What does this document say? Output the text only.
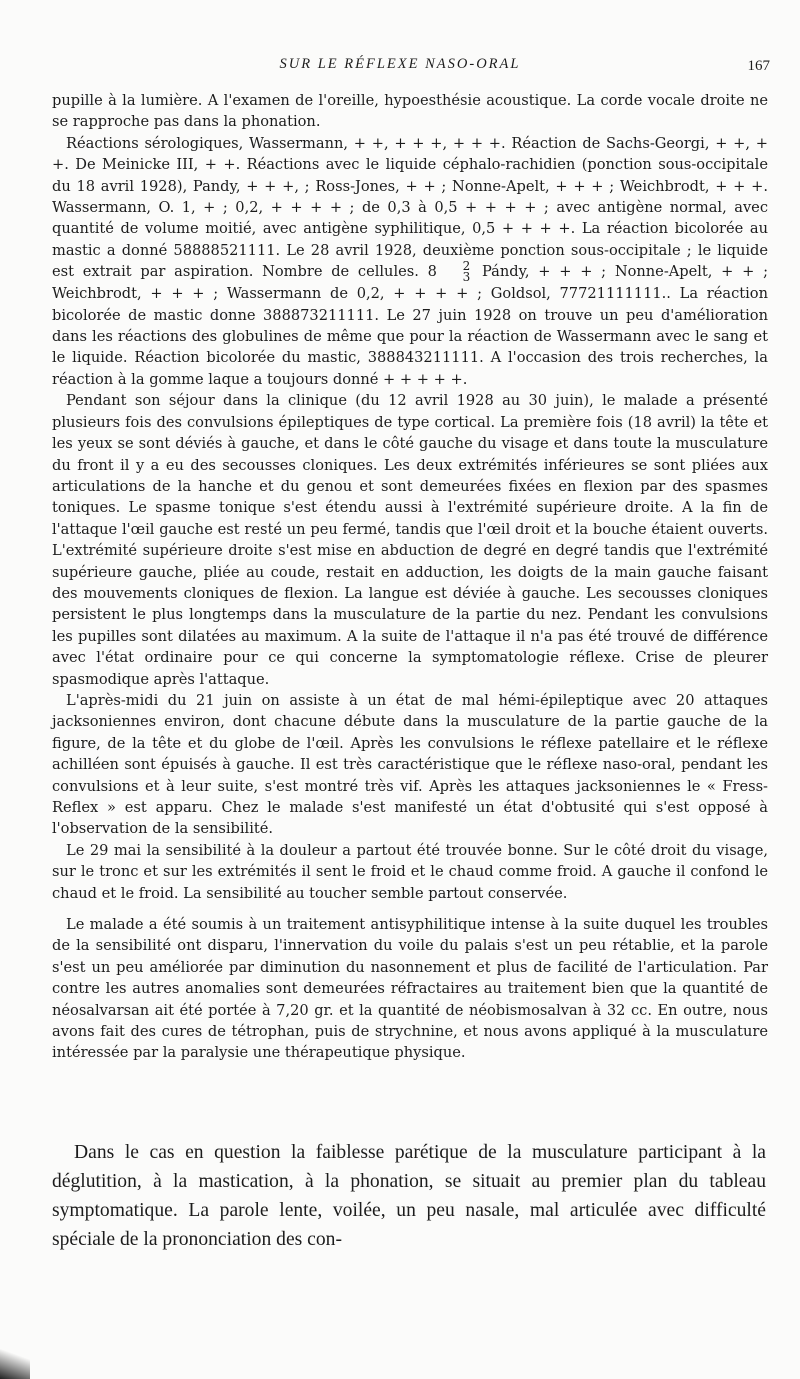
SUR LE RÉFLEXE NASO-ORAL	167

pupille à la lumière. A l'examen de l'oreille, hypoesthésie acoustique. La corde vocale droite ne se rapproche pas dans la phonation.

Réactions sérologiques, Wassermann, + +, + + +, + + +. Réaction de Sachs-Georgi, + +, + +. De Meinicke III, + +. Réactions avec le liquide céphalo-rachidien (ponction sous-occipitale du 18 avril 1928), Pandy, + + +, ; Ross-Jones, + + ; Nonne-Apelt, + + + ; Weichbrodt, + + +. Wassermann, O. 1, + ; 0,2, + + + + ; de 0,3 à 0,5 + + + + ; avec antigène normal, avec quantité de volume moitié, avec antigène syphilitique, 0,5 + + + +. La réaction bicolorée au mastic a donné 58888521111. Le 28 avril 1928, deuxième ponction sous-occipitale ; le liquide est extrait par aspiration. Nombre de cellules. 8	2
3 Pándy, + + + ; Nonne-Apelt, + + ; Weichbrodt, + + + ; Wassermann de 0,2, + + + + ; Goldsol, 77721111111.. La réaction bicolorée de mastic donne 388873211111. Le 27 juin 1928 on trouve un peu d'amélioration dans les réactions des globulines de même que pour la réaction de Wassermann avec le sang et le liquide. Réaction bicolorée du mastic, 388843211111. A l'occasion des trois recherches, la réaction à la gomme laque a toujours donné + + + + +.

Pendant son séjour dans la clinique (du 12 avril 1928 au 30 juin), le malade a présenté plusieurs fois des convulsions épileptiques de type cortical. La première fois (18 avril) la tête et les yeux se sont déviés à gauche, et dans le côté gauche du visage et dans toute la musculature du front il y a eu des secousses cloniques. Les deux extrémités inférieures se sont pliées aux articulations de la hanche et du genou et sont demeurées fixées en flexion par des spasmes toniques. Le spasme tonique s'est étendu aussi à l'extrémité supérieure droite. A la fin de l'attaque l'œil gauche est resté un peu fermé, tandis que l'œil droit et la bouche étaient ouverts. L'extrémité supérieure droite s'est mise en abduction de degré en degré tandis que l'extrémité supérieure gauche, pliée au coude, restait en adduction, les doigts de la main gauche faisant des mouvements cloniques de flexion. La langue est déviée à gauche. Les secousses cloniques persistent le plus longtemps dans la musculature de la partie du nez. Pendant les convulsions les pupilles sont dilatées au maximum. A la suite de l'attaque il n'a pas été trouvé de différence avec l'état ordinaire pour ce qui concerne la symptomatologie réflexe. Crise de pleurer spasmodique après l'attaque.

L'après-midi du 21 juin on assiste à un état de mal hémi-épileptique avec 20 attaques jacksoniennes environ, dont chacune débute dans la musculature de la partie gauche de la figure, de la tête et du globe de l'œil. Après les convulsions le réflexe patellaire et le réflexe achilléen sont épuisés à gauche. Il est très caractéristique que le réflexe naso-oral, pendant les convulsions et à leur suite, s'est montré très vif. Après les attaques jacksoniennes le « Fress-Reflex » est apparu. Chez le malade s'est manifesté un état d'obtusité qui s'est opposé à l'observation de la sensibilité.

Le 29 mai la sensibilité à la douleur a partout été trouvée bonne. Sur le côté droit du visage, sur le tronc et sur les extrémités il sent le froid et le chaud comme froid. A gauche il confond le chaud et le froid. La sensibilité au toucher semble partout conservée.

Le malade a été soumis à un traitement antisyphilitique intense à la suite duquel les troubles de la sensibilité ont disparu, l'innervation du voile du palais s'est un peu rétablie, et la parole s'est un peu améliorée par diminution du nasonnement et plus de facilité de l'articulation. Par contre les autres anomalies sont demeurées réfractaires au traitement bien que la quantité de néosalvarsan ait été portée à 7,20 gr. et la quantité de néobismosalvan à 32 cc. En outre, nous avons fait des cures de tétrophan, puis de strychnine, et nous avons appliqué à la musculature intéressée par la paralysie une thérapeutique physique.

Dans le cas en question la faiblesse parétique de la musculature participant à la déglutition, à la mastication, à la phonation, se situait au premier plan du tableau symptomatique. La parole lente, voilée, un peu nasale, mal articulée avec difficulté spéciale de la prononciation des con-
